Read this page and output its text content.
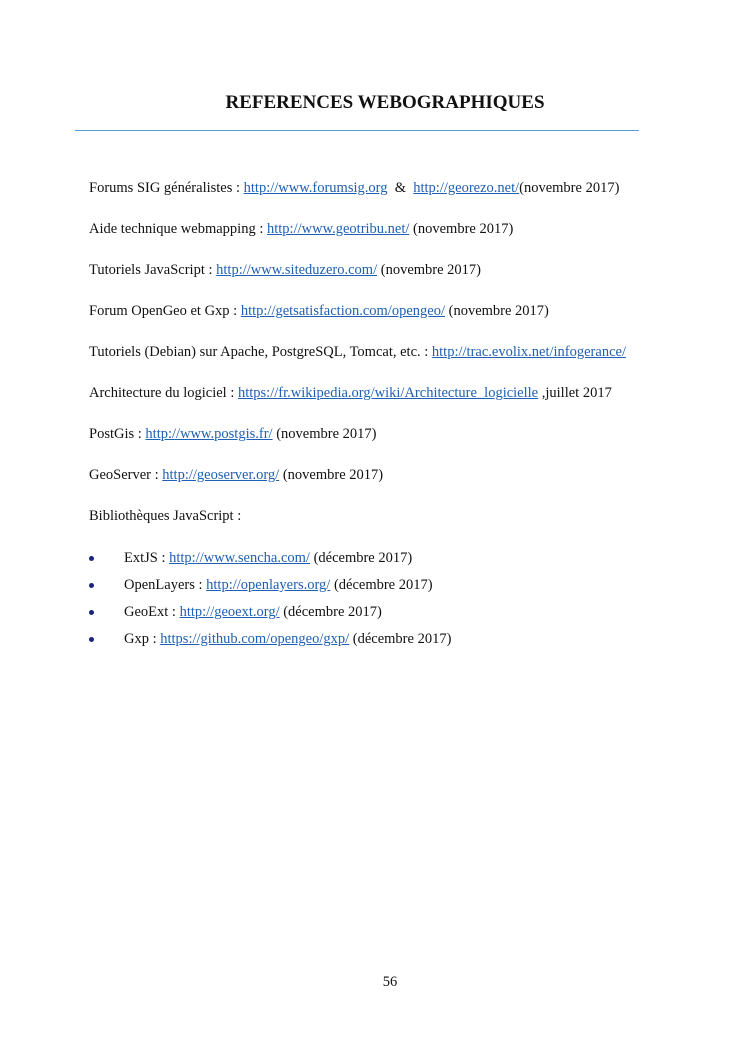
REFERENCES WEBOGRAPHIQUES
Forums SIG généralistes : http://www.forumsig.org  &  http://georezo.net/(novembre 2017)
Aide technique webmapping : http://www.geotribu.net/ (novembre 2017)
Tutoriels JavaScript : http://www.siteduzero.com/ (novembre 2017)
Forum OpenGeo et Gxp : http://getsatisfaction.com/opengeo/ (novembre 2017)
Tutoriels (Debian) sur Apache, PostgreSQL, Tomcat, etc. : http://trac.evolix.net/infogerance/
Architecture du logiciel : https://fr.wikipedia.org/wiki/Architecture_logicielle ,juillet 2017
PostGis : http://www.postgis.fr/ (novembre 2017)
GeoServer : http://geoserver.org/ (novembre 2017)
Bibliothèques JavaScript :
ExtJS : http://www.sencha.com/ (décembre 2017)
OpenLayers : http://openlayers.org/ (décembre 2017)
GeoExt : http://geoext.org/ (décembre 2017)
Gxp : https://github.com/opengeo/gxp/ (décembre 2017)
56
